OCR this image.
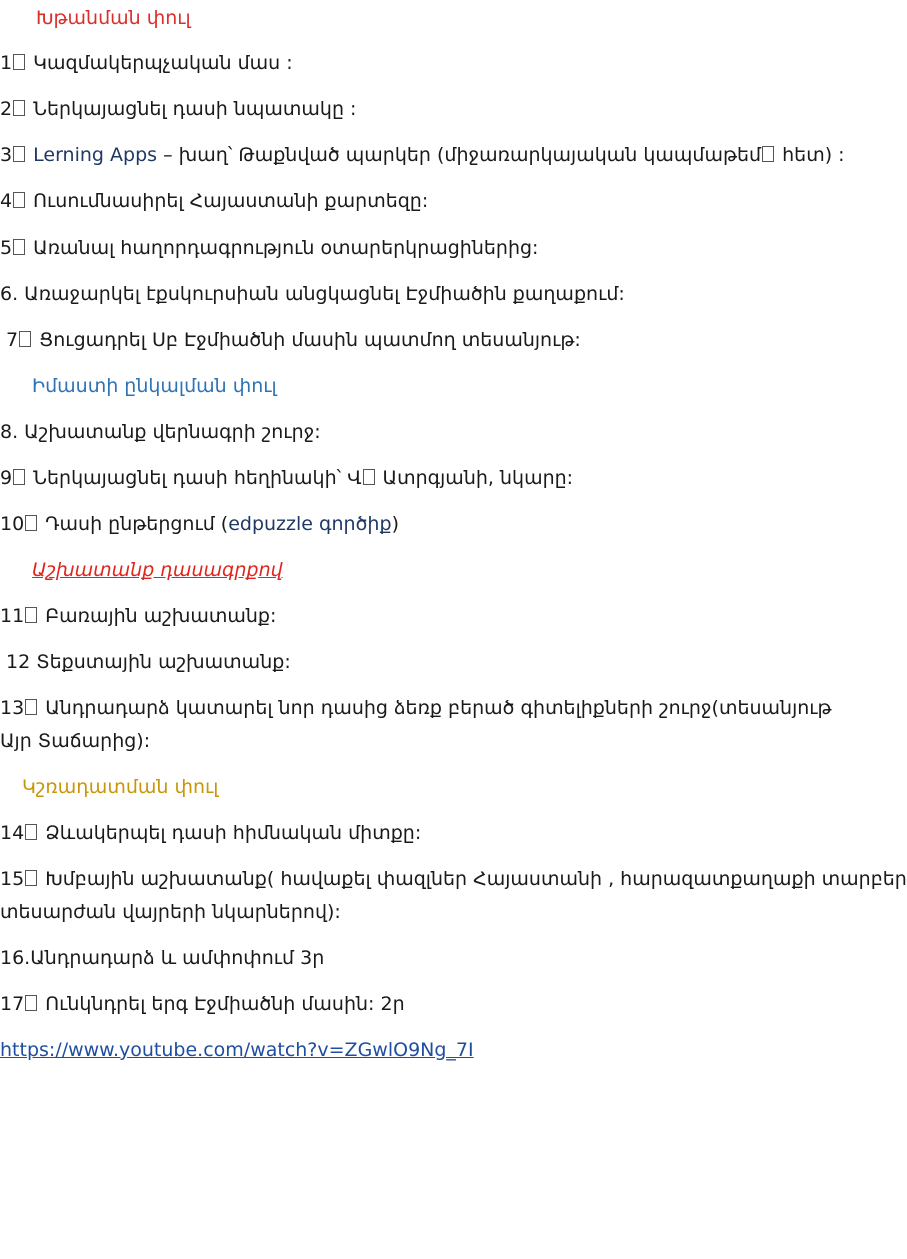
Խթանման փուլ
1 Կազմակերպչական մաս :
2 Ներկայացնել դասի նպատակը :
3 Lerning Apps – խաղ՝ Թաքնված պարկեր (միջառարկայական կապմաթեմ հետ) :
4 Ուսումնասիրել Հայաստանի քարտեզը:
5 Առանալ հաղորդագրություն օտարերկրացիներից:
6. Առաջարկել էքսկուրսիան անցկացնել Էջմիածին քաղաքում:
7 Ցուցադրել Սբ Էջմիածնի մասին պատմող տեսանյութ:
Իմաստի ընկալման փուլ
8. Աշխատանք վերնագրի շուրջ:
9 Ներկայացնել դասի հեղինակի՝ Վ Ատրգյանի, նկարը:
10 Դասի ընթերցում (edpuzzle գործիք)
Աշխատանք դասագրքով
11 Բառային աշխատանք:
12 Տեքստային աշխատանք:
13 Անդրադարձ կատարել նոր դասից ձեռք բերած գիտելիքների շուրջ(տեսանյութ
Այր Տաճարից):
Կշռադատման փուլ
14 Ձևակերպել դասի հիմնական միտքը:
15 Խմբային աշխատանք( հավաքել փազլներ Հայաստանի , հարազատքաղաքի տարբեր
տեսարժան վայրերի նկարներով):
16.Անդրադարձ և ամփոփում 3ր
17 Ունկնդրել երգ Էջմիածնի մասին: 2ր
https://www.youtube.com/watch?v=ZGwlO9Ng_7I
